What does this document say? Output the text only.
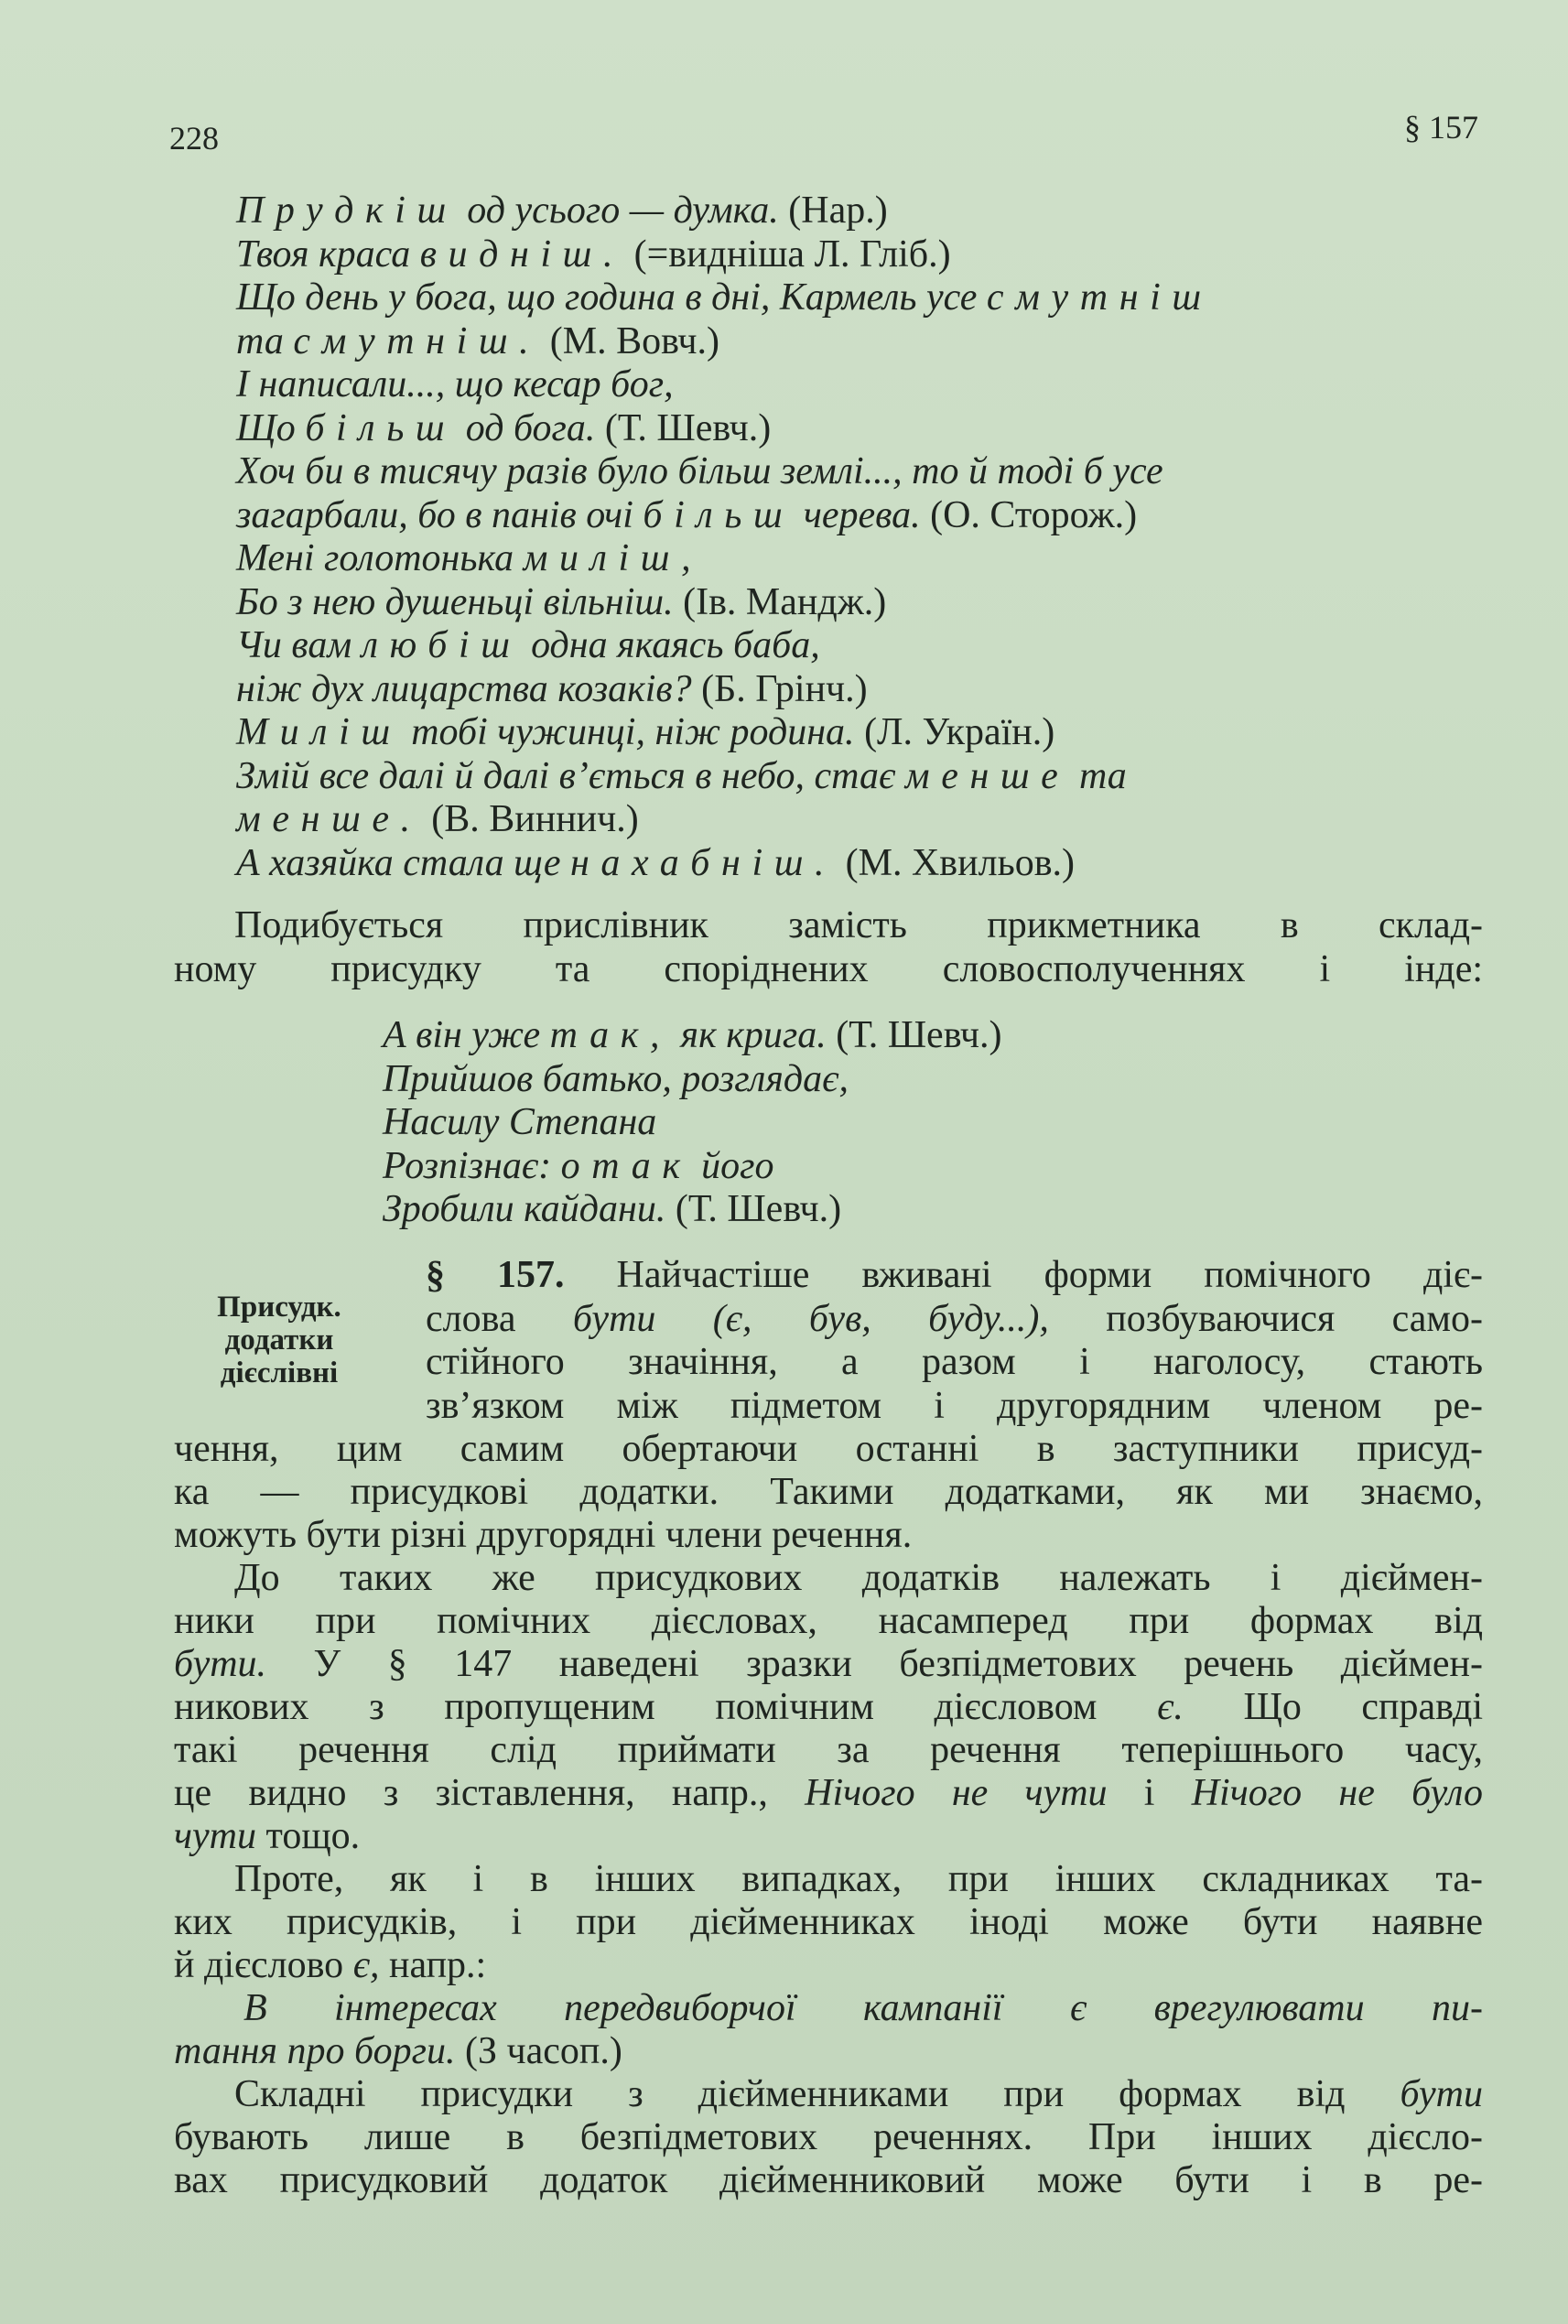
228	§ 157
Прудкіш од усього — думка. (Нар.)
Твоя краса виднiш. (=видніша Л. Гліб.)
Що день у бога, що година в дні, Кармель усе смутніш
та смутніш. (М. Вовч.)
І написали..., що кесар бог,
Що більш од бога. (Т. Шевч.)
Хоч би в тисячу разів було більш землі..., то й тоді б усе
загарбали, бо в панів очі більш черева. (О. Сторож.)
Мені голотонька миліш,
Бо з нею душеньці вільніш. (Ів. Мандж.)
Чи вам любіш одна якаясь баба,
ніж дух лицарства козаків? (Б. Грінч.)
Миліш тобі чужинці, ніж родина. (Л. Україн.)
Змій все далі й далі в’ється в небо, стає менше та
менше. (В. Виннич.)
А хазяйка стала ще нахабніш. (М. Хвильов.)
Подибується прислівник замість прикметника в склад-
ному присудку та споріднених словосполученнях і інде:
А він уже так, як крига. (Т. Шевч.)
Прийшов батько, розглядає,
Насилу Степана
Розпізнає: отак його
Зробили кайдани. (Т. Шевч.)
Присудк.
додатки
дієслівні
§ 157. Найчастіше вживані форми помічного діє-
слова бути (є, був, буду...), позбуваючися само-
стійного значіння, а разом і наголосу, стають
зв’язком між підметом і другорядним членом ре-
чення, цим самим обертаючи останні в заступники присуд-
ка — присудкові додатки. Такими додатками, як ми знаємо,
можуть бути різні другорядні члени речення.
До таких же присудкових додатків належать і дієймен-
ники при помічних дієсловах, насамперед при формах від
бути. У § 147 наведені зразки безпідметових речень дієймен-
никових з пропущеним помічним дієсловом є. Що справді
такі речення слід приймати за речення теперішнього часу,
це видно з зіставлення, напр., Нічого не чути і Нічого не було
чути тощо.
Проте, як і в інших випадках, при інших складниках та-
ких присудків, і при дієйменниках іноді може бути наявне
й дієслово є, напр.:
В інтересах передвиборчої кампанії є врегулювати пи-
тання про борги. (З часоп.)
Складні присудки з дієйменниками при формах від бути
бувають лише в безпідметових реченнях. При інших дієсло-
вах присудковий додаток дієйменниковий може бути і в ре-
